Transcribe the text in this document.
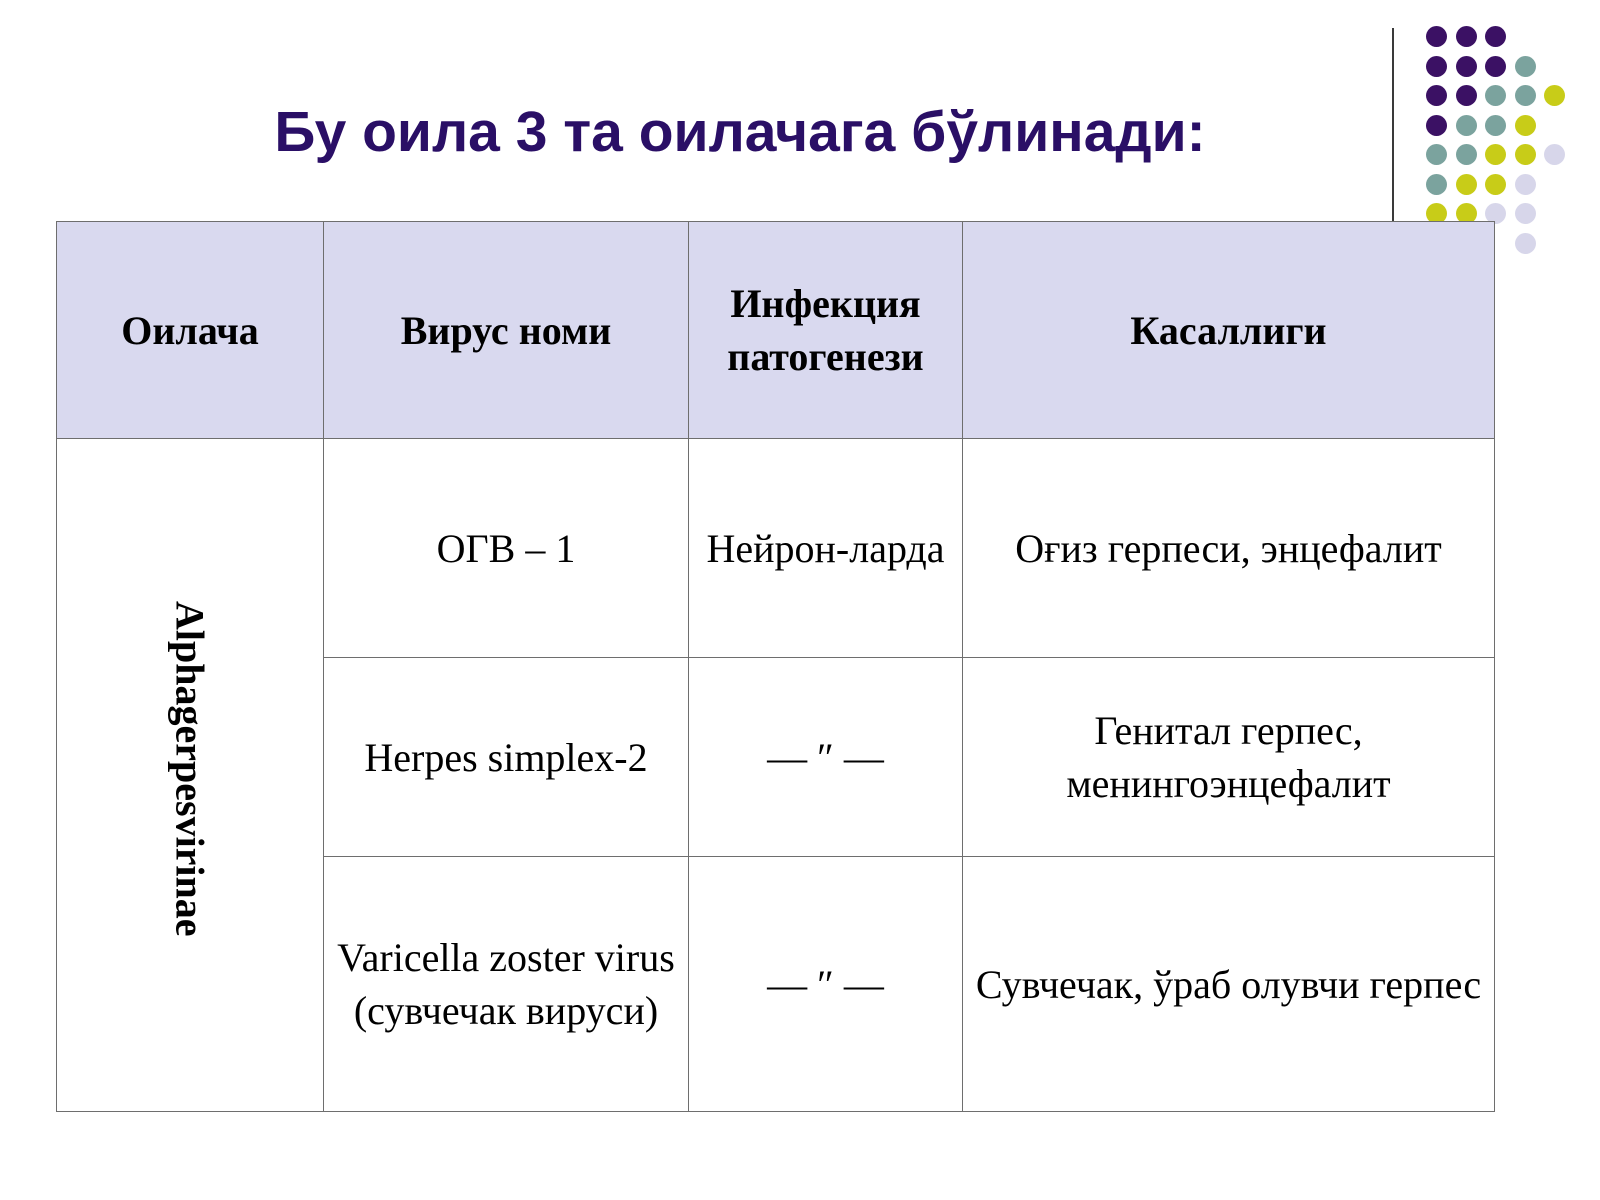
Бу оила 3 та оилачага бўлинади:
Оилача	Вирус номи	Инфекция патогенези	Касаллиги
Alphagerpesvirinae	ОГВ – 1	Нейрон-ларда	Оғиз герпеси, энцефалит
	Herpes simplex-2	— ″ —	Генитал герпес, менингоэнцефалит
	Varicella zoster virus (сувчечак вируси)	— ″ —	Сувчечак, ўраб олувчи герпес
